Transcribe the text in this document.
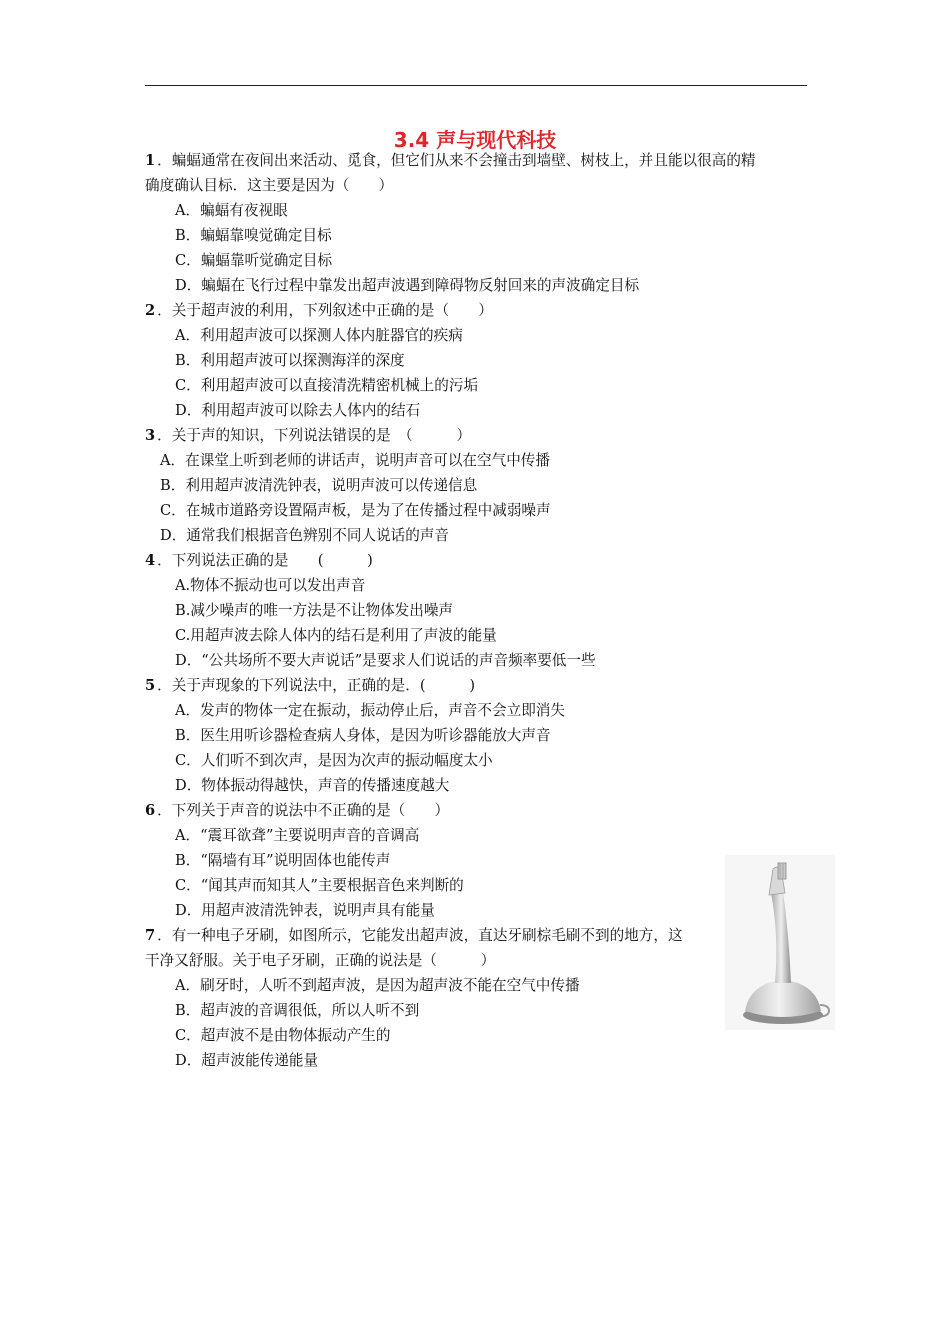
3.4 声与现代科技
1 ．蝙蝠通常在夜间出来活动、觅食，但它们从来不会撞击到墙壁、树枝上，并且能以很高的精
确度确认目标．这主要是因为（　　）
A．蝙蝠有夜视眼
B．蝙蝠靠嗅觉确定目标
C．蝙蝠靠听觉确定目标
D．蝙蝠在飞行过程中靠发出超声波遇到障碍物反射回来的声波确定目标
2 ．关于超声波的利用，下列叙述中正确的是（　　）
A．利用超声波可以探测人体内脏器官的疾病
B．利用超声波可以探测海洋的深度
C．利用超声波可以直接清洗精密机械上的污垢
D．利用超声波可以除去人体内的结石
3 ．关于声的知识，下列说法错误的是　（　　　）
A．在课堂上听到老师的讲话声，说明声音可以在空气中传播
B．利用超声波清洗钟表，说明声波可以传递信息
C．在城市道路旁设置隔声板，是为了在传播过程中减弱噪声
D．通常我们根据音色辨别不同人说话的声音
4 ．下列说法正确的是　　(　　　)
A.物体不振动也可以发出声音
B.减少噪声的唯一方法是不让物体发出噪声
C.用超声波去除人体内的结石是利用了声波的能量
D．“公共场所不要大声说话”是要求人们说话的声音频率要低一些
5 ．关于声现象的下列说法中，正确的是．(　　　)
A．发声的物体一定在振动，振动停止后，声音不会立即消失
B．医生用听诊器检查病人身体，是因为听诊器能放大声音
C．人们听不到次声，是因为次声的振动幅度太小
D．物体振动得越快，声音的传播速度越大
6 ．下列关于声音的说法中不正确的是（　　）
A．“震耳欲聋”主要说明声音的音调高
B．“隔墙有耳”说明固体也能传声
C．“闻其声而知其人”主要根据音色来判断的
D．用超声波清洗钟表，说明声具有能量
7 ．有一种电子牙刷，如图所示，它能发出超声波，直达牙刷棕毛刷不到的地方，这
干净又舒服。关于电子牙刷，正确的说法是（　　　）
A．刷牙时，人听不到超声波，是因为超声波不能在空气中传播
B．超声波的音调很低，所以人听不到
C．超声波不是由物体振动产生的
D．超声波能传递能量
